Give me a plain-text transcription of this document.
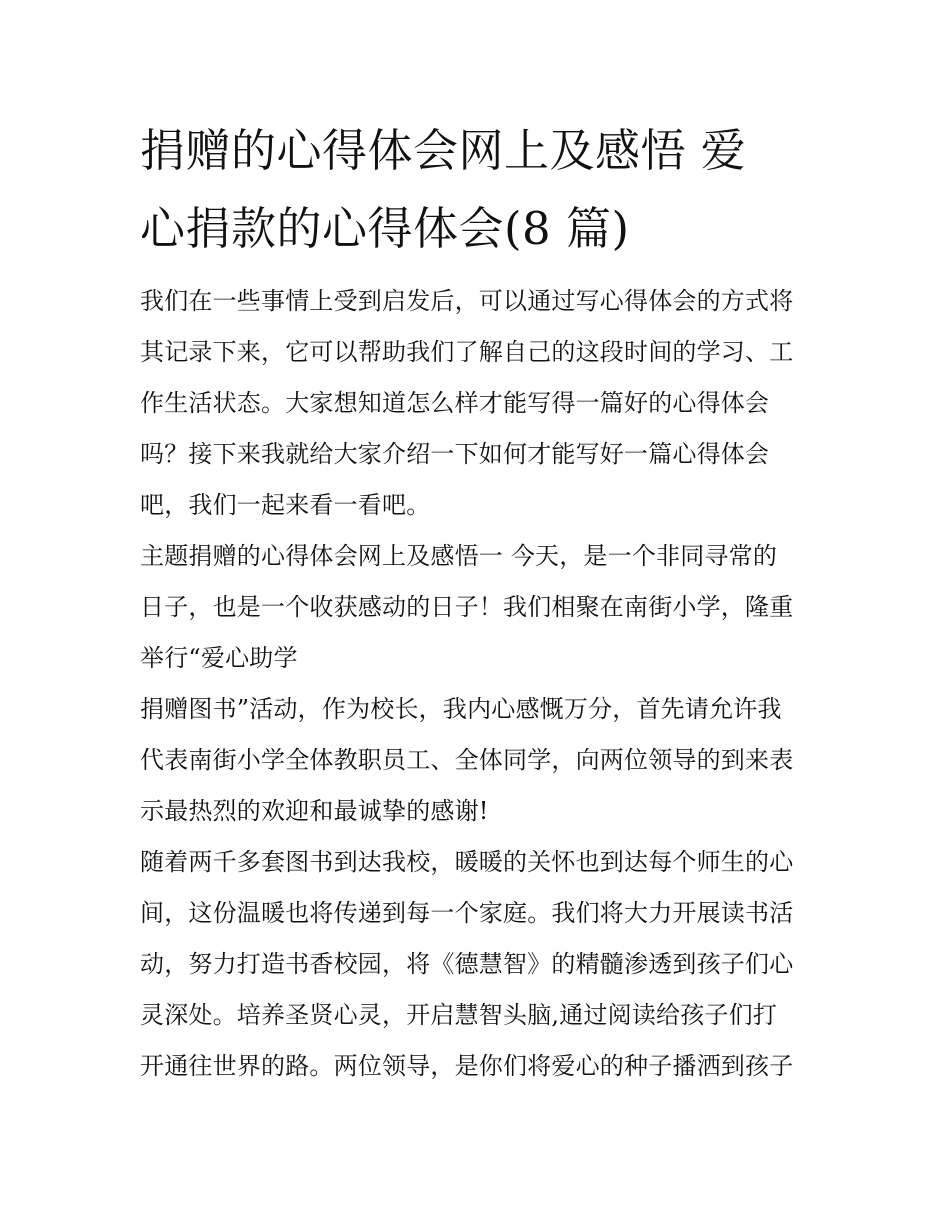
捐赠的心得体会网上及感悟 爱
心捐款的心得体会(8 篇)
我们在一些事情上受到启发后，可以通过写心得体会的方式将
其记录下来，它可以帮助我们了解自己的这段时间的学习、工
作生活状态。大家想知道怎么样才能写得一篇好的心得体会
吗？接下来我就给大家介绍一下如何才能写好一篇心得体会
吧，我们一起来看一看吧。
主题捐赠的心得体会网上及感悟一 今天，是一个非同寻常的
日子，也是一个收获感动的日子！我们相聚在南街小学，隆重
举行“爱心助学
捐赠图书”活动，作为校长，我内心感慨万分，首先请允许我
代表南街小学全体教职员工、全体同学，向两位领导的到来表
示最热烈的欢迎和最诚挚的感谢!
随着两千多套图书到达我校，暖暖的关怀也到达每个师生的心
间，这份温暖也将传递到每一个家庭。我们将大力开展读书活
动，努力打造书香校园，将《德慧智》的精髓渗透到孩子们心
灵深处。培养圣贤心灵，开启慧智头脑,通过阅读给孩子们打
开通往世界的路。两位领导，是你们将爱心的种子播洒到孩子
